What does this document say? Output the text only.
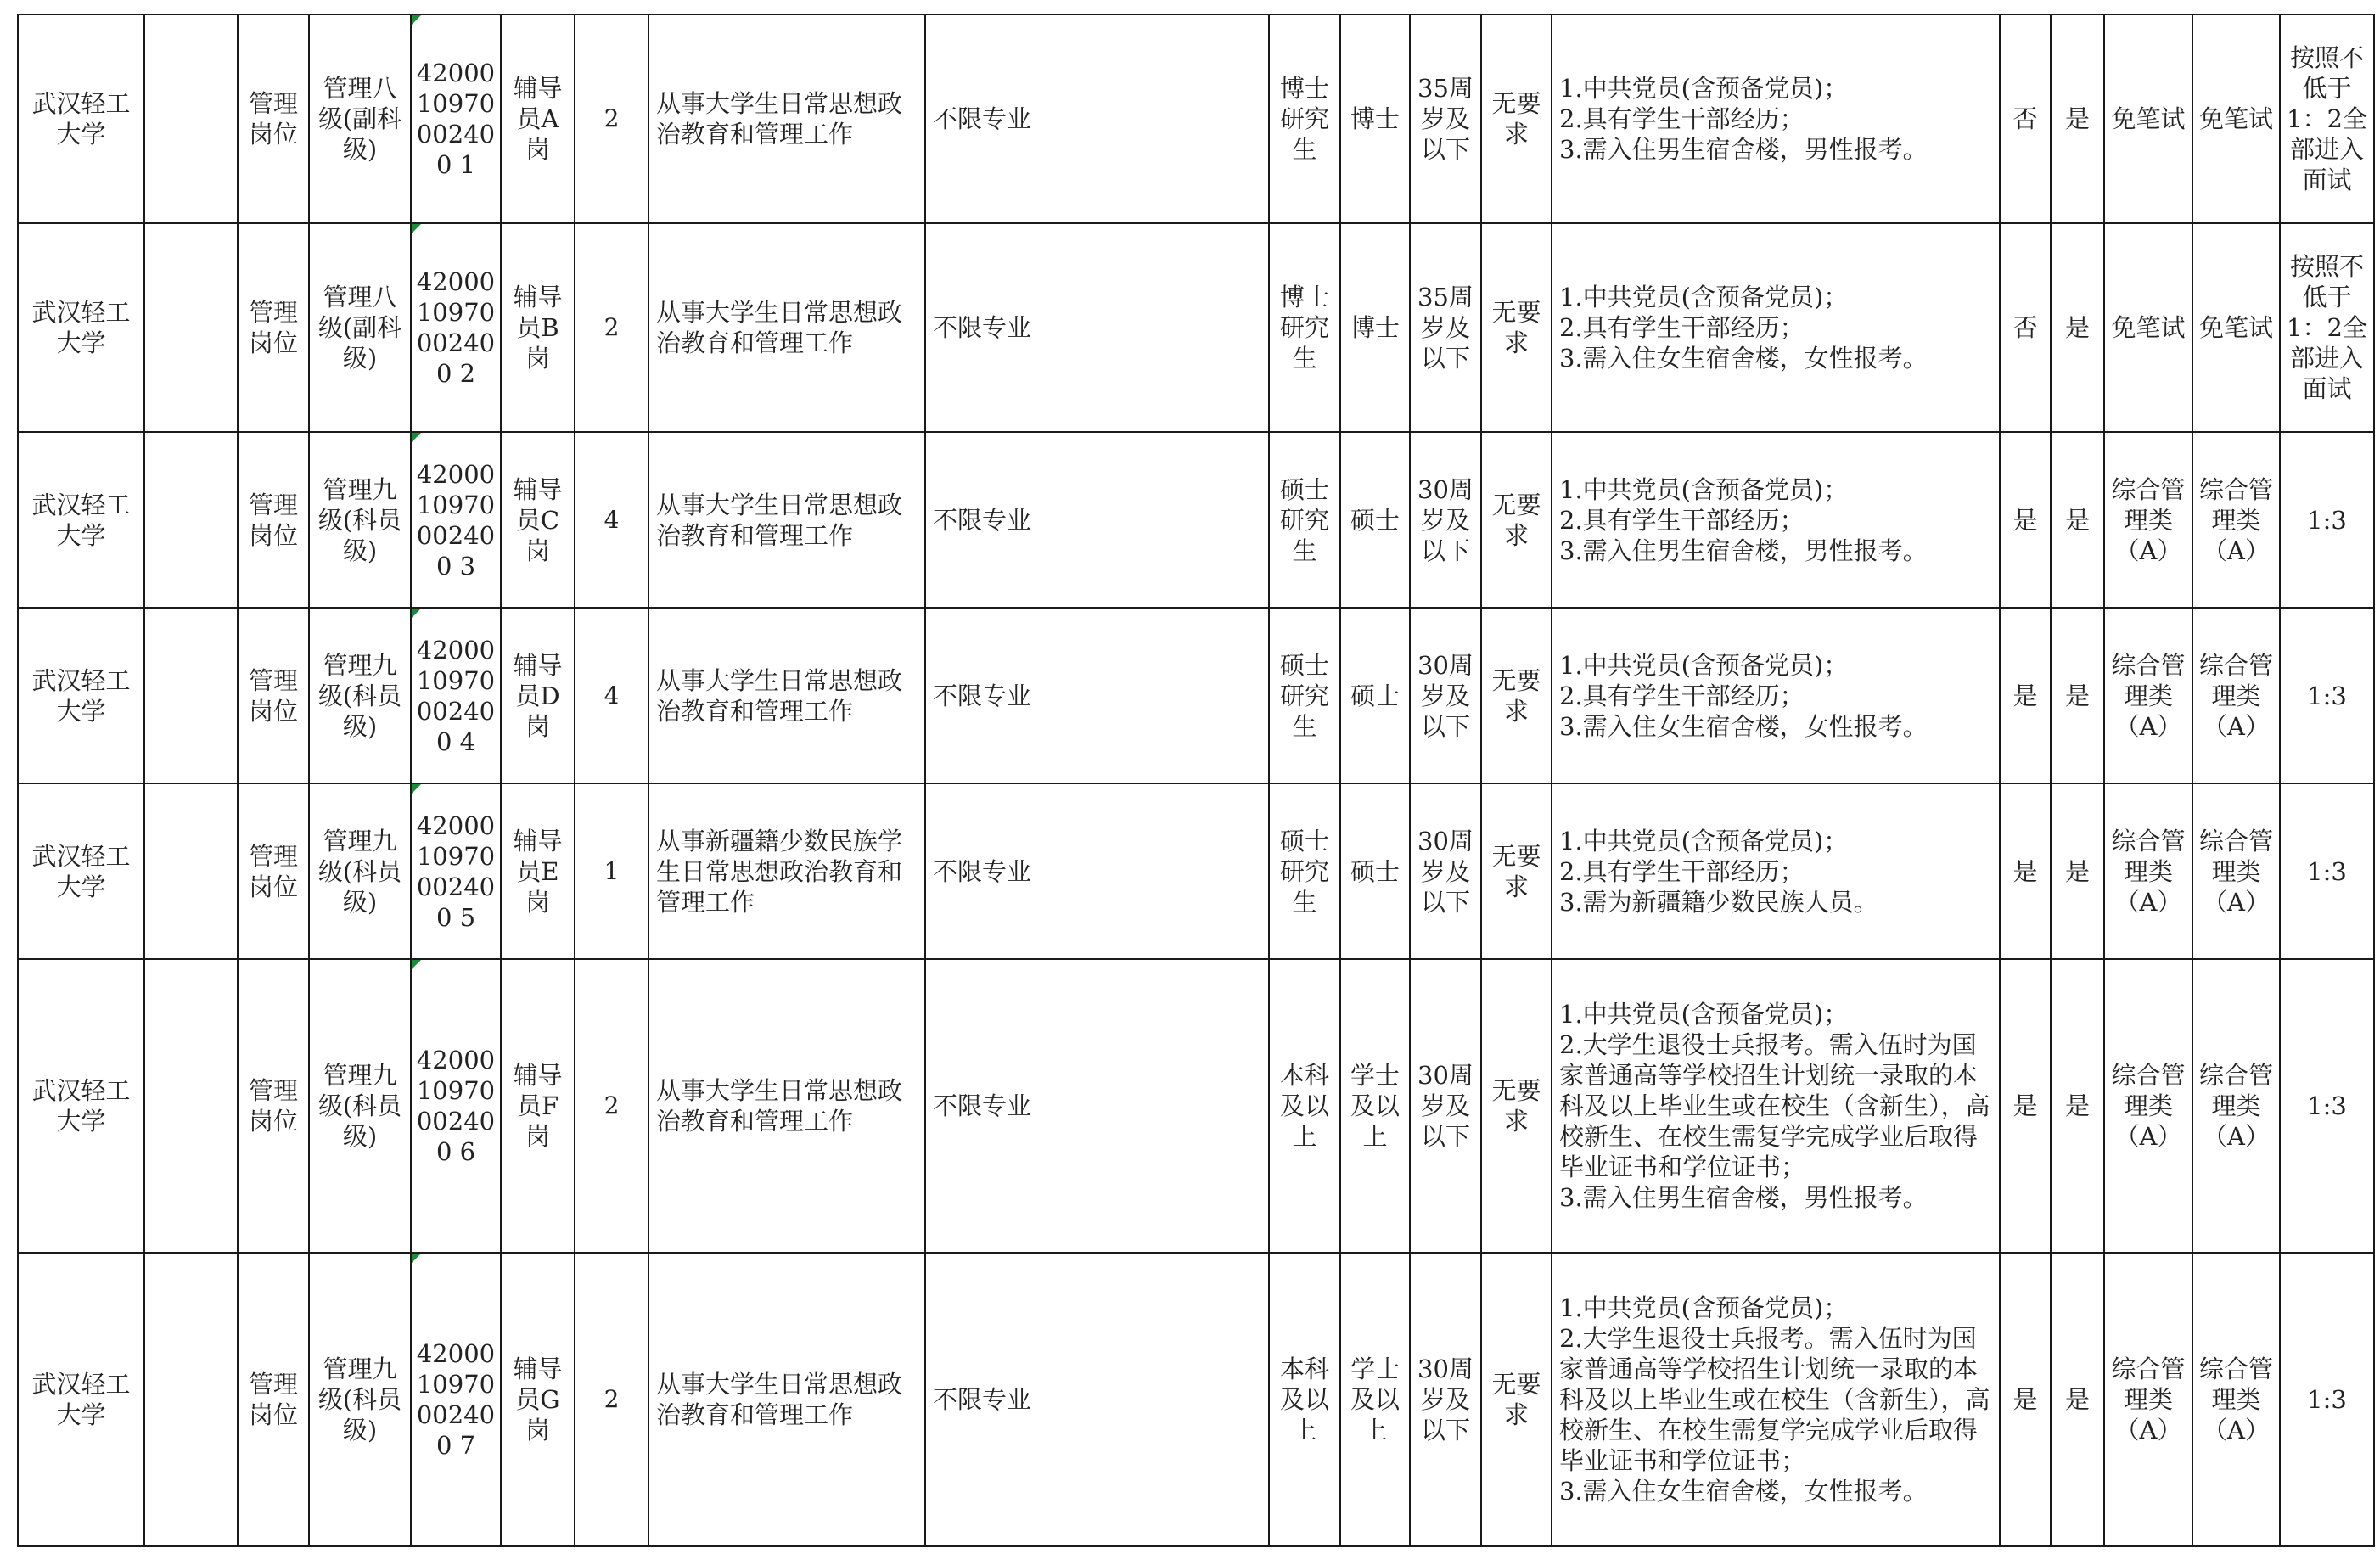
武汉轻工大学		管理岗位	管理八级(副科级)	4200010970002400 1	辅导员A岗	2	从事大学生日常思想政治教育和管理工作	不限专业	博士研究生	博士	35周岁及以下	无要求	1.中共党员(含预备党员)；
2.具有学生干部经历；
3.需入住男生宿舍楼，男性报考。	否	是	免笔试	免笔试	按照不低于1：2全部进入面试
武汉轻工大学		管理岗位	管理八级(副科级)	4200010970002400 2	辅导员B岗	2	从事大学生日常思想政治教育和管理工作	不限专业	博士研究生	博士	35周岁及以下	无要求	1.中共党员(含预备党员)；
2.具有学生干部经历；
3.需入住女生宿舍楼，女性报考。	否	是	免笔试	免笔试	按照不低于1：2全部进入面试
武汉轻工大学		管理岗位	管理九级(科员级)	4200010970002400 3	辅导员C岗	4	从事大学生日常思想政治教育和管理工作	不限专业	硕士研究生	硕士	30周岁及以下	无要求	1.中共党员(含预备党员)；
2.具有学生干部经历；
3.需入住男生宿舍楼，男性报考。	是	是	综合管理类（A）	综合管理类（A）	1:3
武汉轻工大学		管理岗位	管理九级(科员级)	4200010970002400 4	辅导员D岗	4	从事大学生日常思想政治教育和管理工作	不限专业	硕士研究生	硕士	30周岁及以下	无要求	1.中共党员(含预备党员)；
2.具有学生干部经历；
3.需入住女生宿舍楼，女性报考。	是	是	综合管理类（A）	综合管理类（A）	1:3
武汉轻工大学		管理岗位	管理九级(科员级)	4200010970002400 5	辅导员E岗	1	从事新疆籍少数民族学生日常思想政治教育和管理工作	不限专业	硕士研究生	硕士	30周岁及以下	无要求	1.中共党员(含预备党员)；
2.具有学生干部经历；
3.需为新疆籍少数民族人员。	是	是	综合管理类（A）	综合管理类（A）	1:3
武汉轻工大学		管理岗位	管理九级(科员级)	4200010970002400 6	辅导员F岗	2	从事大学生日常思想政治教育和管理工作	不限专业	本科及以上	学士及以上	30周岁及以下	无要求	1.中共党员(含预备党员)；
2.大学生退役士兵报考。需入伍时为国家普通高等学校招生计划统一录取的本科及以上毕业生或在校生（含新生），高校新生、在校生需复学完成学业后取得毕业证书和学位证书；
3.需入住男生宿舍楼，男性报考。	是	是	综合管理类（A）	综合管理类（A）	1:3
武汉轻工大学		管理岗位	管理九级(科员级)	4200010970002400 7	辅导员G岗	2	从事大学生日常思想政治教育和管理工作	不限专业	本科及以上	学士及以上	30周岁及以下	无要求	1.中共党员(含预备党员)；
2.大学生退役士兵报考。需入伍时为国家普通高等学校招生计划统一录取的本科及以上毕业生或在校生（含新生），高校新生、在校生需复学完成学业后取得毕业证书和学位证书；
3.需入住女生宿舍楼，女性报考。	是	是	综合管理类（A）	综合管理类（A）	1:3
